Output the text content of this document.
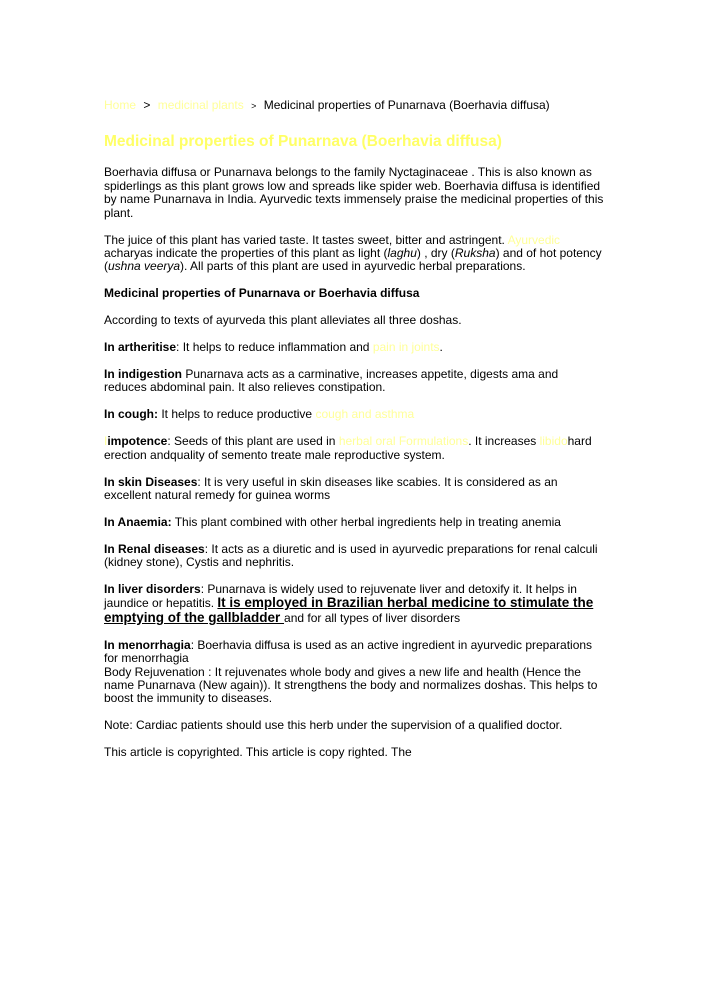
Home > medicinal plants > Medicinal properties of Punarnava (Boerhavia diffusa)
Medicinal properties of Punarnava (Boerhavia diffusa)

Boerhavia diffusa or Punarnava belongs to the family Nyctaginaceae . This is also known as spiderlings as this plant grows low and spreads like spider web. Boerhavia diffusa is identified by name Punarnava in India. Ayurvedic texts immensely praise the medicinal properties of this plant.

The juice of this plant has varied taste. It tastes sweet, bitter and astringent. Ayurvedic acharyas indicate the properties of this plant as light (laghu) , dry (Ruksha) and of hot potency (ushna veerya). All parts of this plant are used in ayurvedic herbal preparations.

Medicinal properties of Punarnava or Boerhavia diffusa

According to texts of ayurveda this plant alleviates all three doshas.

In artheritise: It helps to reduce inflammation and pain in joints.

In indigestion Punarnava acts as a carminative, increases appetite, digests ama and reduces abdominal pain. It also relieves constipation.

In cough: It helps to reduce productive cough and asthma

Iimpotence: Seeds of this plant are used in herbal oral Formulations. It increases libidohard erection andquality of semento treate male reproductive system.

In skin Diseases: It is very useful in skin diseases like scabies. It is considered as an excellent natural remedy for guinea worms

In Anaemia: This plant combined with other herbal ingredients help in treating anemia

In Renal diseases: It acts as a diuretic and is used in ayurvedic preparations for renal calculi (kidney stone), Cystis and nephritis.

In liver disorders: Punarnava is widely used to rejuvenate liver and detoxify it. It helps in jaundice or hepatitis. It is employed in Brazilian herbal medicine to stimulate the emptying of the gallbladder and for all types of liver disorders

In menorrhagia: Boerhavia diffusa is used as an active ingredient in ayurvedic preparations for menorrhagia

Body Rejuvenation : It rejuvenates whole body and gives a new life and health (Hence the name Punarnava (New again)). It strengthens the body and normalizes doshas. This helps to boost the immunity to diseases.

Note: Cardiac patients should use this herb under the supervision of a qualified doctor.

This article is copyrighted. This article is copy righted. The
